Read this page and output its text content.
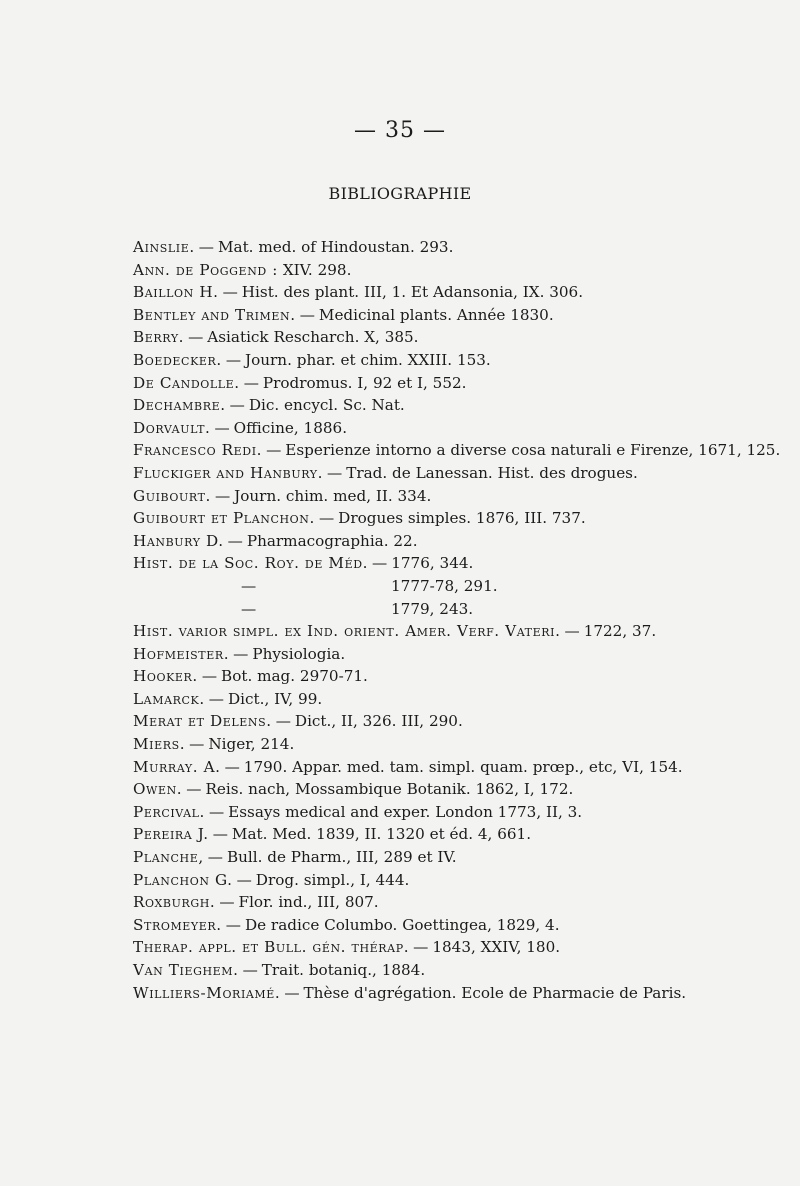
— 35 —
BIBLIOGRAPHIE
Ainslie. — Mat. med. of Hindoustan. 293.
Ann. de Poggend : XIV. 298.
Baillon H. — Hist. des plant. III, 1. Et Adansonia, IX. 306.
Bentley and Trimen. — Medicinal plants. Année 1830.
Berry. — Asiatick Rescharch. X, 385.
Boedecker. — Journ. phar. et chim. XXIII. 153.
De Candolle. — Prodromus. I, 92 et I, 552.
Dechambre. — Dic. encycl. Sc. Nat.
Dorvault. — Officine, 1886.
Francesco Redi. — Esperienze intorno a diverse cosa naturali e Firenze, 1671, 125.
Fluckiger and Hanbury. — Trad. de Lanessan. Hist. des drogues.
Guibourt. — Journ. chim. med, II. 334.
Guibourt et Planchon. — Drogues simples. 1876, III. 737.
Hanbury D. — Pharmacographia. 22.
Hist. de la Soc. Roy. de Méd. — 1776, 344.
—	1777-78, 291.
—	1779, 243.
Hist. varior simpl. ex Ind. orient. Amer. Verf. Vateri. — 1722, 37.
Hofmeister. — Physiologia.
Hooker. — Bot. mag. 2970-71.
Lamarck. — Dict., IV, 99.
Merat et Delens. — Dict., II, 326. III, 290.
Miers. — Niger, 214.
Murray. A. — 1790. Appar. med. tam. simpl. quam. prœp., etc, VI, 154.
Owen. — Reis. nach, Mossambique Botanik. 1862, I, 172.
Percival. — Essays medical and exper. London 1773, II, 3.
Pereira J. — Mat. Med. 1839, II. 1320 et éd. 4, 661.
Planche, — Bull. de Pharm., III, 289 et IV.
Planchon G. — Drog. simpl., I, 444.
Roxburgh. — Flor. ind., III, 807.
Stromeyer. — De radice Columbo. Goettingea, 1829, 4.
Therap. appl. et Bull. gén. thérap. — 1843, XXIV, 180.
Van Tieghem. — Trait. botaniq., 1884.
Williers-Moriamé. — Thèse d'agrégation. Ecole de Pharmacie de Paris.
